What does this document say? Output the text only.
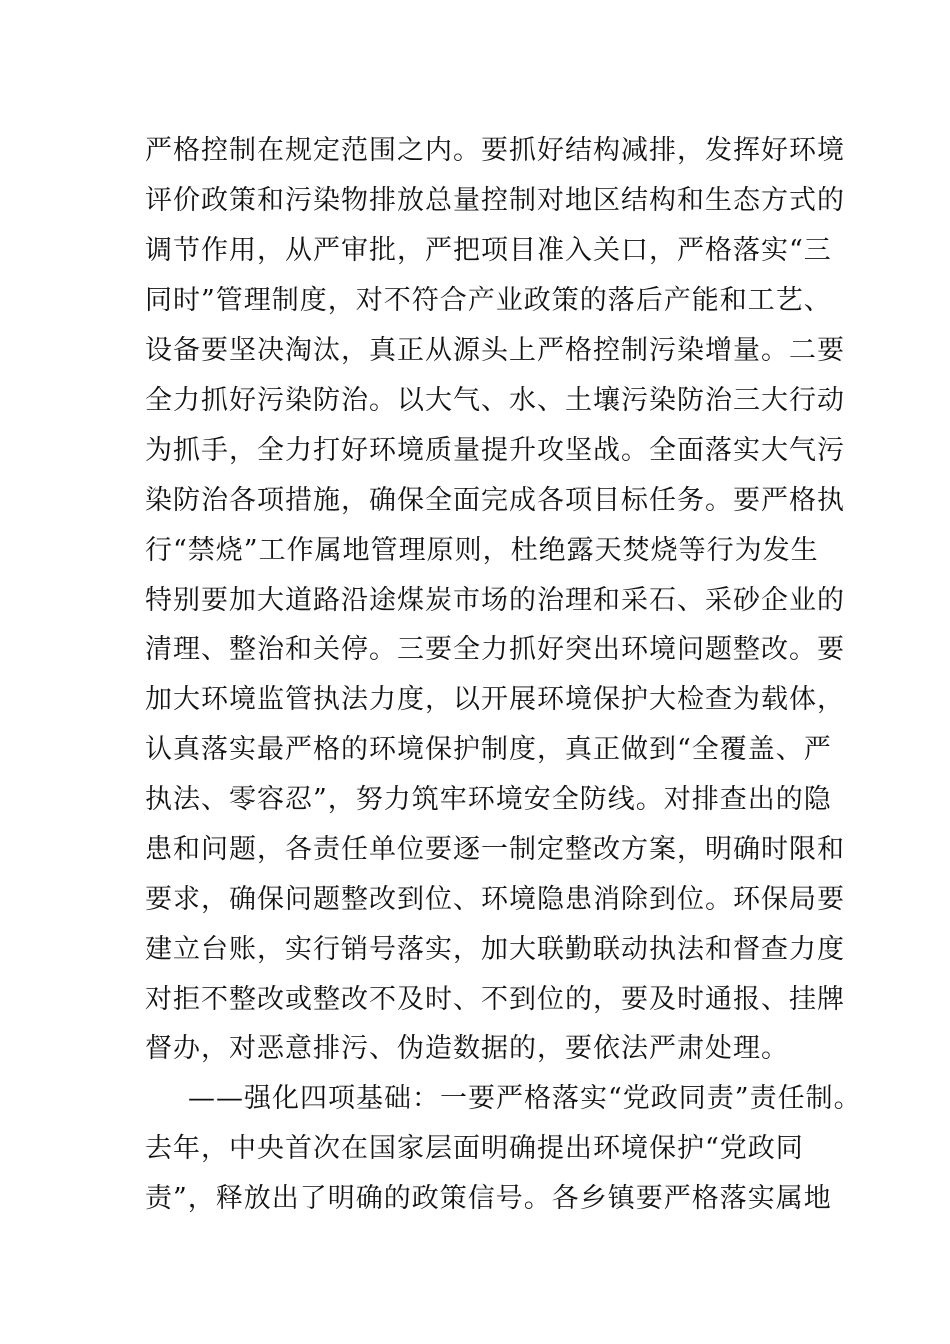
严格控制在规定范围之内。要抓好结构减排，发挥好环境
评价政策和污染物排放总量控制对地区结构和生态方式的
调节作用，从严审批，严把项目准入关口，严格落实“三
同时”管理制度，对不符合产业政策的落后产能和工艺、
设备要坚决淘汰，真正从源头上严格控制污染增量。二要
全力抓好污染防治。以大气、水、土壤污染防治三大行动
为抓手，全力打好环境质量提升攻坚战。全面落实大气污
染防治各项措施，确保全面完成各项目标任务。要严格执
行“禁烧”工作属地管理原则，杜绝露天焚烧等行为发生
特别要加大道路沿途煤炭市场的治理和采石、采砂企业的
清理、整治和关停。三要全力抓好突出环境问题整改。要
加大环境监管执法力度，以开展环境保护大检查为载体，
认真落实最严格的环境保护制度，真正做到“全覆盖、严
执法、零容忍”，努力筑牢环境安全防线。对排查出的隐
患和问题，各责任单位要逐一制定整改方案，明确时限和
要求，确保问题整改到位、环境隐患消除到位。环保局要
建立台账，实行销号落实，加大联勤联动执法和督查力度
对拒不整改或整改不及时、不到位的，要及时通报、挂牌
督办，对恶意排污、伪造数据的，要依法严肃处理。
——强化四项基础：一要严格落实“党政同责”责任制。
去年，中央首次在国家层面明确提出环境保护“党政同
责”，释放出了明确的政策信号。各乡镇要严格落实属地
